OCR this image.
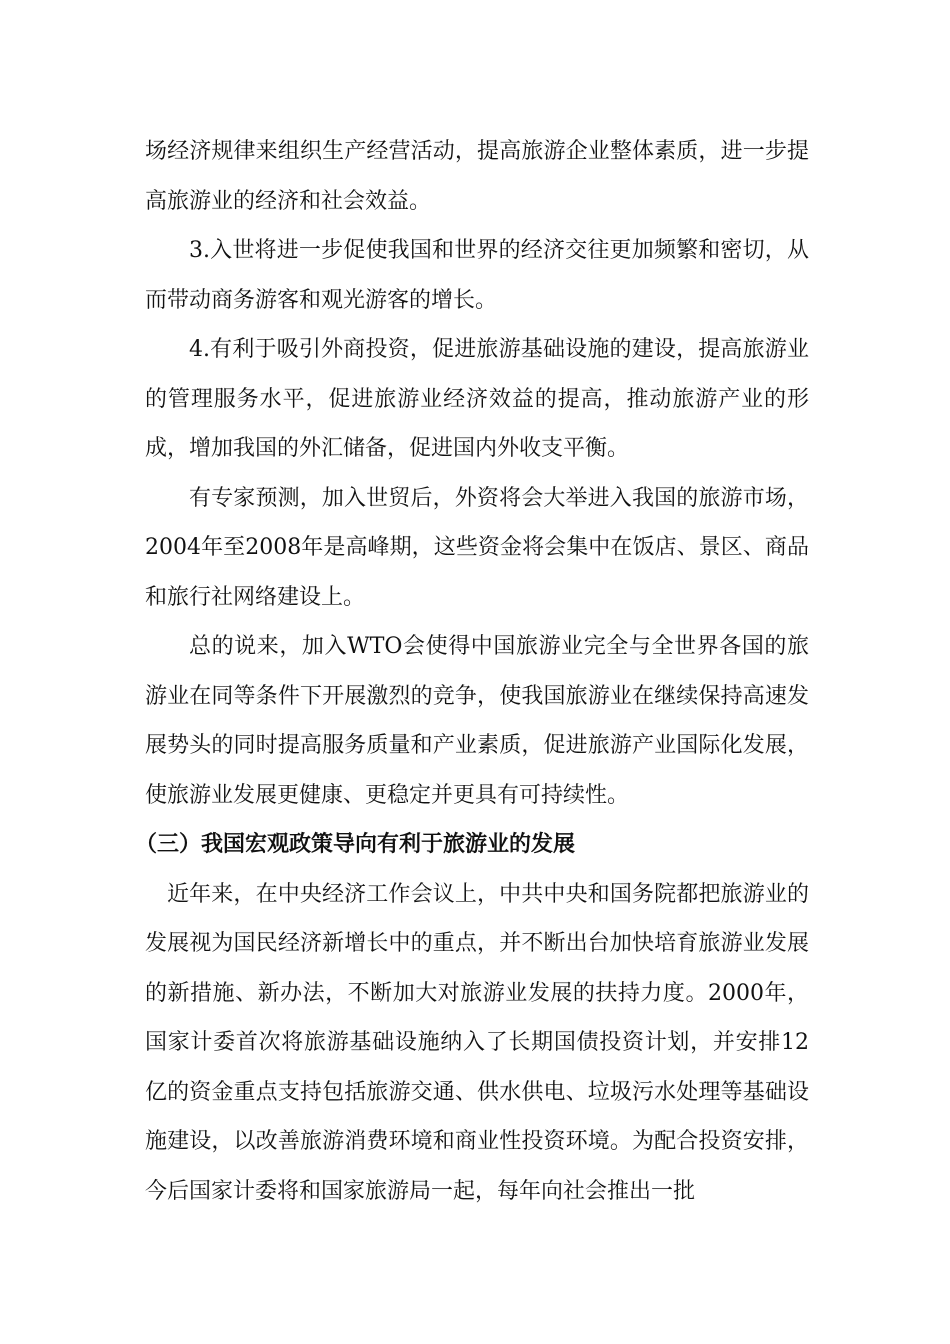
场经济规律来组织生产经营活动，提高旅游企业整体素质，进一步提高旅游业的经济和社会效益。

3.入世将进一步促使我国和世界的经济交往更加频繁和密切，从而带动商务游客和观光游客的增长。

4.有利于吸引外商投资，促进旅游基础设施的建设，提高旅游业的管理服务水平，促进旅游业经济效益的提高，推动旅游产业的形成，增加我国的外汇储备，促进国内外收支平衡。

有专家预测，加入世贸后，外资将会大举进入我国的旅游市场，2004年至2008年是高峰期，这些资金将会集中在饭店、景区、商品和旅行社网络建设上。

总的说来，加入WTO会使得中国旅游业完全与全世界各国的旅游业在同等条件下开展激烈的竞争，使我国旅游业在继续保持高速发展势头的同时提高服务质量和产业素质，促进旅游产业国际化发展，使旅游业发展更健康、更稳定并更具有可持续性。

（三）我国宏观政策导向有利于旅游业的发展

近年来，在中央经济工作会议上，中共中央和国务院都把旅游业的发展视为国民经济新增长中的重点，并不断出台加快培育旅游业发展的新措施、新办法，不断加大对旅游业发展的扶持力度。2000年，国家计委首次将旅游基础设施纳入了长期国债投资计划，并安排12亿的资金重点支持包括旅游交通、供水供电、垃圾污水处理等基础设施建设，以改善旅游消费环境和商业性投资环境。为配合投资安排，今后国家计委将和国家旅游局一起，每年向社会推出一批
